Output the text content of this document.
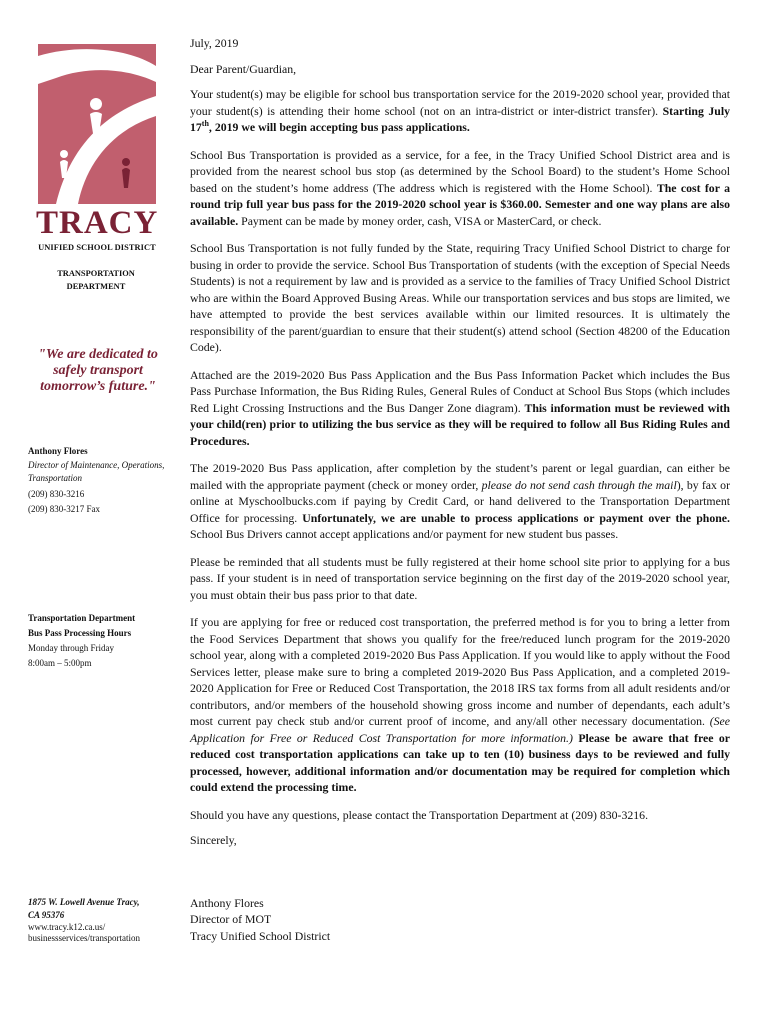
TRACY
UNIFIED SCHOOL DISTRICT
TRANSPORTATION DEPARTMENT
"We are dedicated to safely transport tomorrow’s future."
Anthony Flores
Director of Maintenance, Operations, Transportation
(209) 830-3216
(209) 830-3217 Fax
Transportation Department
Bus Pass Processing Hours
Monday through Friday
8:00am – 5:00pm
1875 W. Lowell Avenue Tracy,
CA 95376
www.tracy.k12.ca.us/
businessservices/transportation

July, 2019

Dear Parent/Guardian,

Your student(s) may be eligible for school bus transportation service for the 2019-2020 school year, provided that your student(s) is attending their home school (not on an intra-district or inter-district transfer). Starting July 17th, 2019 we will begin accepting bus pass applications.

School Bus Transportation is provided as a service, for a fee, in the Tracy Unified School District area and is provided from the nearest school bus stop (as determined by the School Board) to the student’s Home School based on the student’s home address (The address which is registered with the Home School). The cost for a round trip full year bus pass for the 2019-2020 school year is $360.00. Semester and one way plans are also available. Payment can be made by money order, cash, VISA or MasterCard, or check.

School Bus Transportation is not fully funded by the State, requiring Tracy Unified School District to charge for busing in order to provide the service. School Bus Transportation of students (with the exception of Special Needs Students) is not a requirement by law and is provided as a service to the families of Tracy Unified School District who are within the Board Approved Busing Areas. While our transportation services and bus stops are limited, we have attempted to provide the best services available within our limited resources. It is ultimately the responsibility of the parent/guardian to ensure that their student(s) attend school (Section 48200 of the Education Code).

Attached are the 2019-2020 Bus Pass Application and the Bus Pass Information Packet which includes the Bus Pass Purchase Information, the Bus Riding Rules, General Rules of Conduct at School Bus Stops (which includes Red Light Crossing Instructions and the Bus Danger Zone diagram). This information must be reviewed with your child(ren) prior to utilizing the bus service as they will be required to follow all Bus Riding Rules and Procedures.

The 2019-2020 Bus Pass application, after completion by the student’s parent or legal guardian, can either be mailed with the appropriate payment (check or money order, please do not send cash through the mail), by fax or online at Myschoolbucks.com if paying by Credit Card, or hand delivered to the Transportation Department Office for processing. Unfortunately, we are unable to process applications or payment over the phone. School Bus Drivers cannot accept applications and/or payment for new student bus passes.

Please be reminded that all students must be fully registered at their home school site prior to applying for a bus pass. If your student is in need of transportation service beginning on the first day of the 2019-2020 school year, you must obtain their bus pass prior to that date.

If you are applying for free or reduced cost transportation, the preferred method is for you to bring a letter from the Food Services Department that shows you qualify for the free/reduced lunch program for the 2019-2020 school year, along with a completed 2019-2020 Bus Pass Application. If you would like to apply without the Food Services letter, please make sure to bring a completed 2019-2020 Bus Pass Application, and a completed 2019-2020 Application for Free or Reduced Cost Transportation, the 2018 IRS tax forms from all adult residents and/or contributors, and/or members of the household showing gross income and number of dependants, each adult’s most current pay check stub and/or current proof of income, and any/all other necessary documentation. (See Application for Free or Reduced Cost Transportation for more information.) Please be aware that free or reduced cost transportation applications can take up to ten (10) business days to be reviewed and fully processed, however, additional information and/or documentation may be required for completion which could extend the processing time.

Should you have any questions, please contact the Transportation Department at (209) 830-3216.

Sincerely,

Anthony Flores
Director of MOT
Tracy Unified School District
